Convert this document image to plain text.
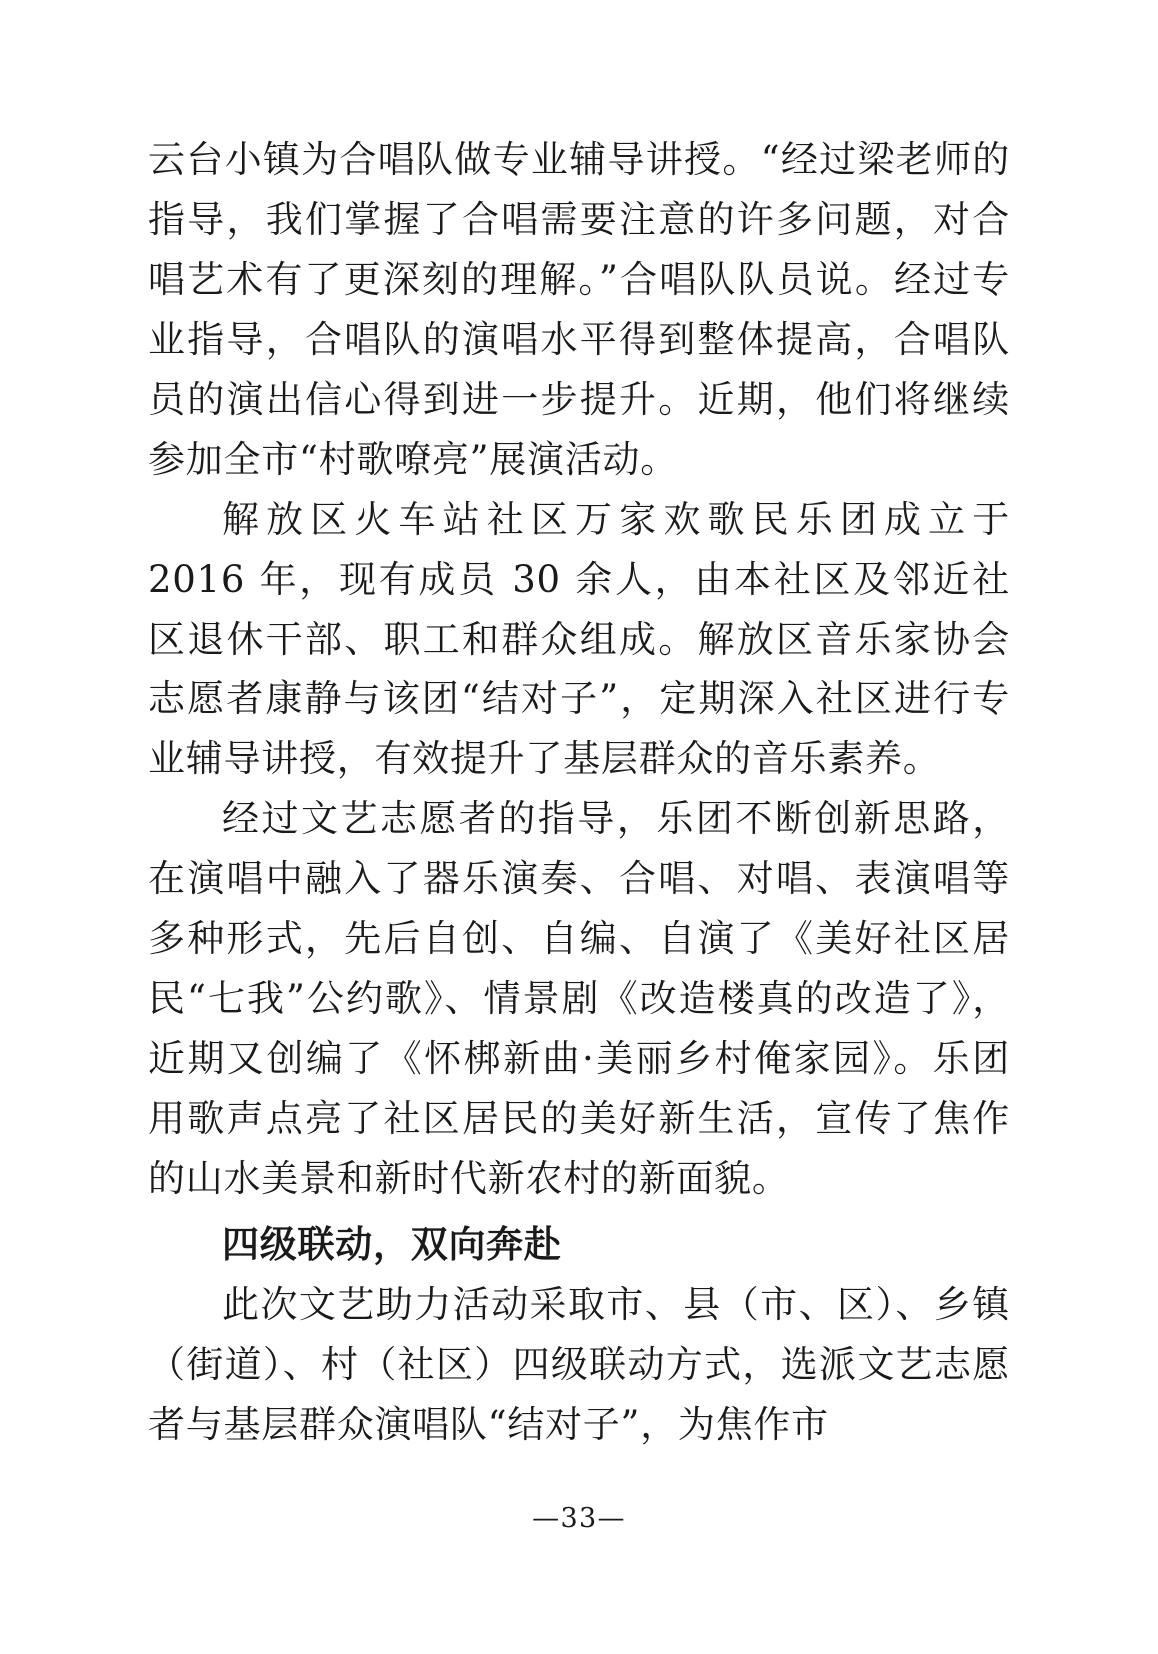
云台小镇为合唱队做专业辅导讲授。“经过梁老师的指导，我们掌握了合唱需要注意的许多问题，对合唱艺术有了更深刻的理解。”合唱队队员说。经过专业指导，合唱队的演唱水平得到整体提高，合唱队员的演出信心得到进一步提升。近期，他们将继续参加全市“村歌嘹亮”展演活动。

解放区火车站社区万家欢歌民乐团成立于 2016 年，现有成员 30 余人，由本社区及邻近社区退休干部、职工和群众组成。解放区音乐家协会志愿者康静与该团“结对子”，定期深入社区进行专业辅导讲授，有效提升了基层群众的音乐素养。

经过文艺志愿者的指导，乐团不断创新思路，在演唱中融入了器乐演奏、合唱、对唱、表演唱等多种形式，先后自创、自编、自演了《美好社区居民“七我”公约歌》、情景剧《改造楼真的改造了》，近期又创编了《怀梆新曲·美丽乡村俺家园》。乐团用歌声点亮了社区居民的美好新生活，宣传了焦作的山水美景和新时代新农村的新面貌。

四级联动，双向奔赴

此次文艺助力活动采取市、县（市、区）、乡镇（街道）、村（社区）四级联动方式，选派文艺志愿者与基层群众演唱队“结对子”，为焦作市

—33—
